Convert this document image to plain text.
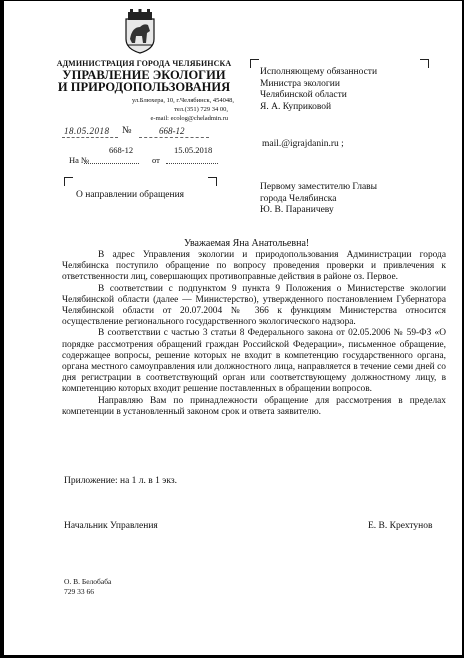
АДМИНИСТРАЦИЯ ГОРОДА ЧЕЛЯБИНСКА
УПРАВЛЕНИЕ ЭКОЛОГИИ
И ПРИРОДОПОЛЬЗОВАНИЯ
ул.Блюхера, 10, г.Челябинск, 454048,
тел.(351) 729 34 00,
e-mail: ecolog@cheladmin.ru
18.05.2018 №	668-12
668-12	15.05.2018
На №	от
О направлении обращения
Исполняющему обязанности
Министра экологии
Челябинской области
Я. А. Куприковой
mail.@igrajdanin.ru ;
Первому заместителю Главы
города Челябинска
Ю. В. Параничеву
Уважаемая Яна Анатольевна!

В адрес Управления экологии и природопользования Администрации города Челябинска поступило обращение по вопросу проведения проверки и привлечения к ответственности лиц, совершающих противоправные действия в районе оз. Первое.

В соответствии с подпунктом 9 пункта 9 Положения о Министерстве экологии Челябинской области (далее — Министерство), утвержденного постановлением Губернатора Челябинской области от 20.07.2004 № 366 к функциям Министерства относится осуществление регионального государственного экологического надзора.

В соответствии с частью 3 статьи 8 Федерального закона от 02.05.2006 № 59-ФЗ «О порядке рассмотрения обращений граждан Российской Федерации», письменное обращение, содержащее вопросы, решение которых не входит в компетенцию государственного органа, органа местного самоуправления или должностного лица, направляется в течение семи дней со дня регистрации в соответствующий орган или соответствующему должностному лицу, в компетенцию которых входит решение поставленных в обращении вопросов.

Направляю Вам по принадлежности обращение для рассмотрения в пределах компетенции в установленный законом срок и ответа заявителю.

Приложение: на 1 л. в 1 экз.
Начальник Управления	Е. В. Крехтунов
О. В. Белобаба
729 33 66
